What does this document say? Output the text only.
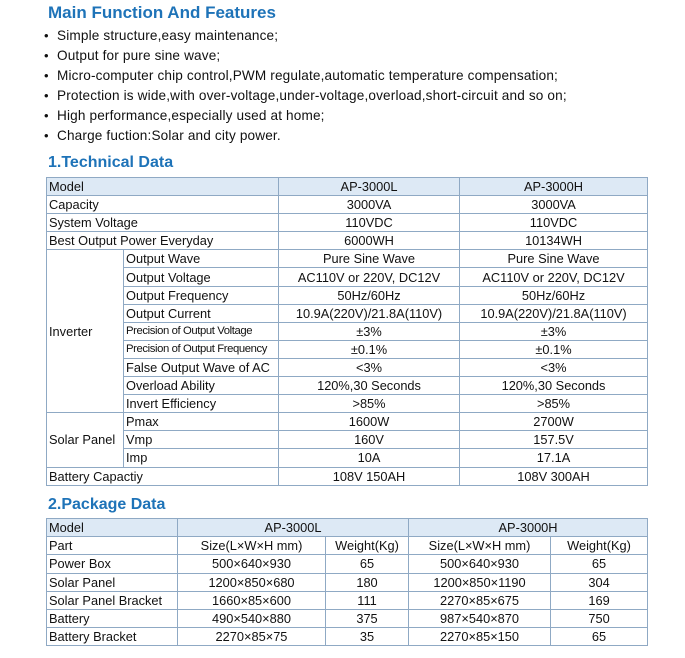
Main Function And Features
• Simple structure,easy maintenance;
• Output for pure sine wave;
• Micro-computer chip control,PWM regulate,automatic temperature compensation;
• Protection is wide,with over-voltage,under-voltage,overload,short-circuit and so on;
• High performance,especially used at home;
• Charge fuction:Solar and city power.
1.Technical Data
Model		AP-3000L	AP-3000H
Capacity		3000VA	3000VA
System Voltage		110VDC	110VDC
Best Output Power Everyday		6000WH	10134WH
Inverter	Output Wave	Pure Sine Wave	Pure Sine Wave
	Output Voltage	AC110V or 220V, DC12V	AC110V or 220V, DC12V
	Output Frequency	50Hz/60Hz	50Hz/60Hz
	Output Current	10.9A(220V)/21.8A(110V)	10.9A(220V)/21.8A(110V)
	Precision of Output Voltage	±3%	±3%
	Precision of Output Frequency	±0.1%	±0.1%
	False Output Wave of AC	<3%	<3%
	Overload Ability	120%,30 Seconds	120%,30 Seconds
	Invert Efficiency	>85%	>85%
Solar Panel	Pmax	1600W	2700W
	Vmp	160V	157.5V
	Imp	10A	17.1A
Battery Capactiy		108V 150AH	108V 300AH
2.Package Data
Model	AP-3000L		AP-3000H	
Part	Size(L×W×H mm)	Weight(Kg)	Size(L×W×H mm)	Weight(Kg)
Power Box	500×640×930	65	500×640×930	65
Solar Panel	1200×850×680	180	1200×850×1190	304
Solar Panel Bracket	1660×85×600	111	2270×85×675	169
Battery	490×540×880	375	987×540×870	750
Battery Bracket	2270×85×75	35	2270×85×150	65
